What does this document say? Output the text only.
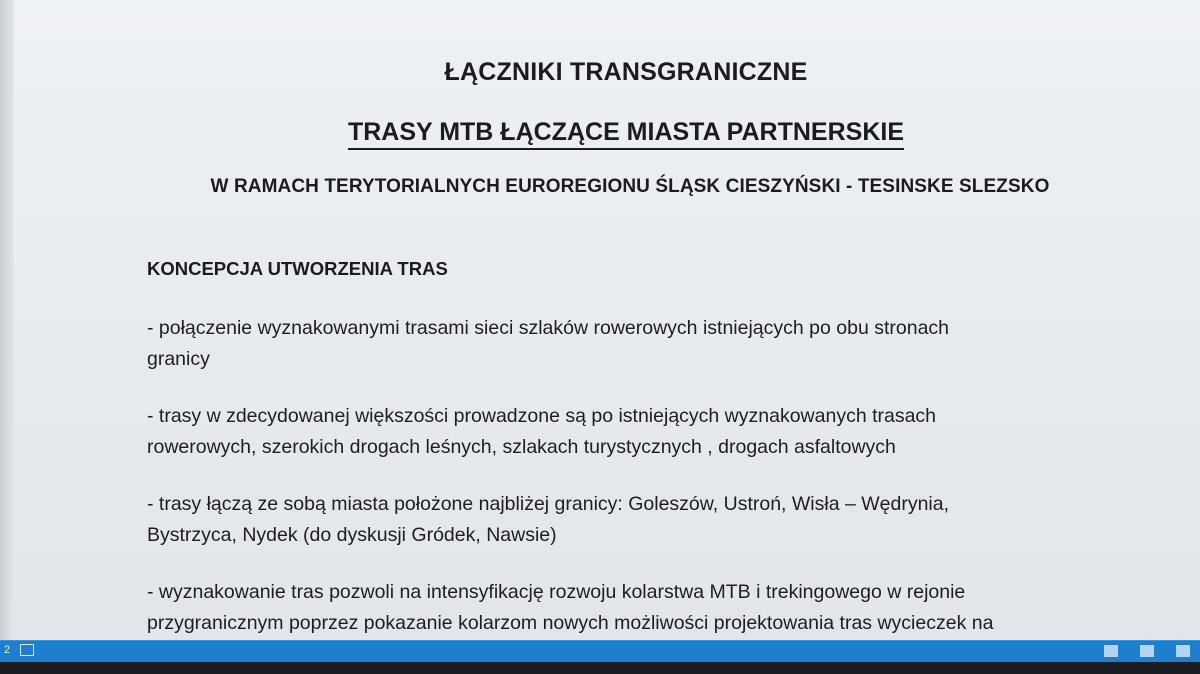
ŁĄCZNIKI TRANSGRANICZNE
TRASY MTB ŁĄCZĄCE MIASTA PARTNERSKIE
W RAMACH TERYTORIALNYCH EUROREGIONU ŚLĄSK CIESZYŃSKI - TESINSKE SLEZSKO
KONCEPCJA UTWORZENIA TRAS
- połączenie wyznakowanymi trasami sieci szlaków rowerowych istniejących po obu stronach
granicy
- trasy w zdecydowanej większości prowadzone są po istniejących wyznakowanych trasach
rowerowych, szerokich drogach leśnych, szlakach turystycznych , drogach asfaltowych
- trasy łączą ze sobą miasta położone najbliżej granicy: Goleszów, Ustroń, Wisła – Wędrynia,
Bystrzyca, Nydek (do dyskusji Gródek, Nawsie)
- wyznakowanie tras pozwoli na intensyfikację rozwoju kolarstwa MTB i trekingowego w rejonie
przygranicznym poprzez pokazanie kolarzom nowych możliwości projektowania tras wycieczek na
2
